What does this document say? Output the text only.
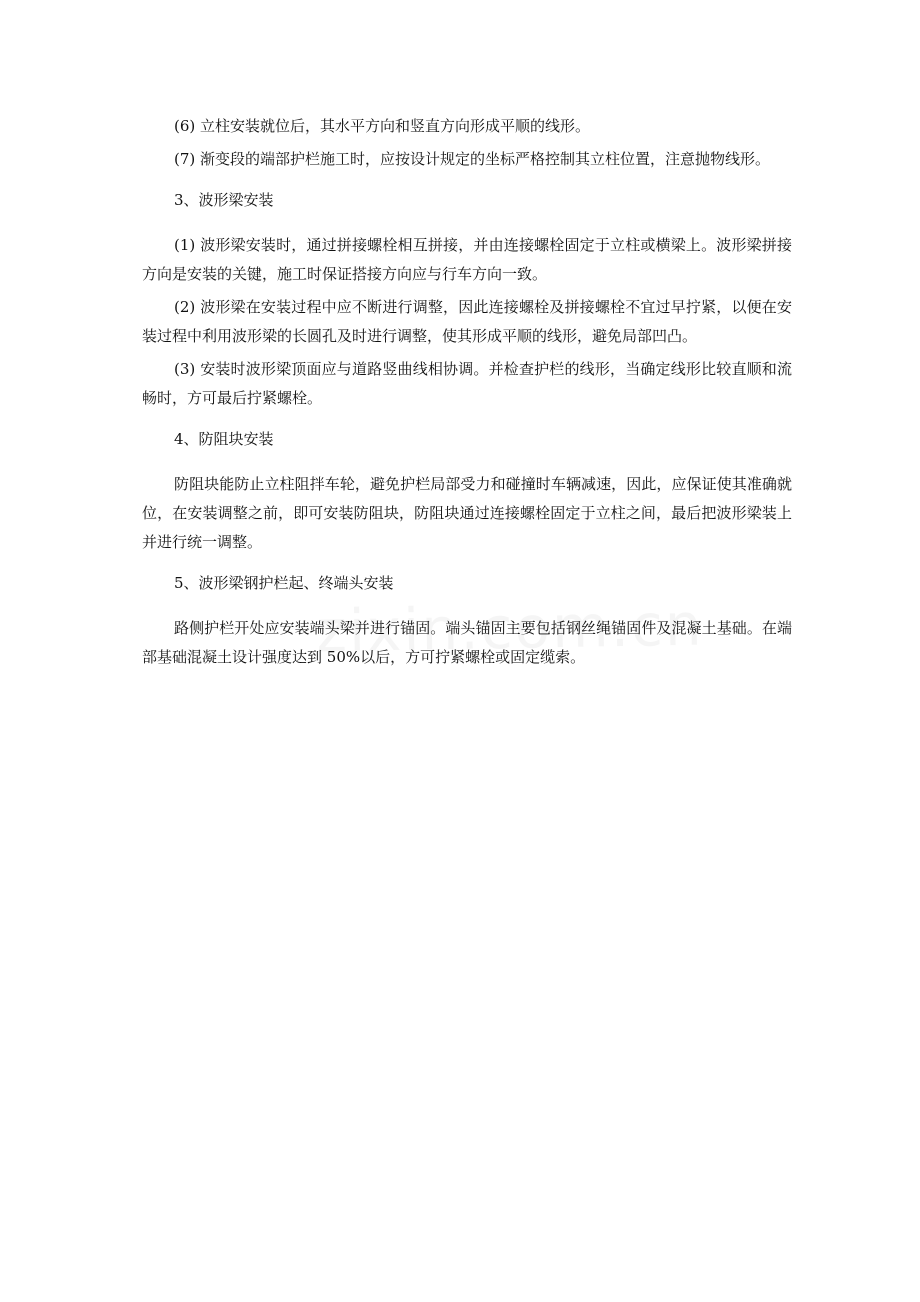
(6) 立柱安装就位后，其水平方向和竖直方向形成平顺的线形。

(7) 渐变段的端部护栏施工时，应按设计规定的坐标严格控制其立柱位置，注意抛物线形。

3、波形梁安装

(1) 波形梁安装时，通过拼接螺栓相互拼接，并由连接螺栓固定于立柱或横梁上。波形梁拼接方向是安装的关键，施工时保证搭接方向应与行车方向一致。

(2) 波形梁在安装过程中应不断进行调整，因此连接螺栓及拼接螺栓不宜过早拧紧，以便在安装过程中利用波形梁的长圆孔及时进行调整，使其形成平顺的线形，避免局部凹凸。

(3) 安装时波形梁顶面应与道路竖曲线相协调。并检查护栏的线形，当确定线形比较直顺和流畅时，方可最后拧紧螺栓。

4、防阻块安装

防阻块能防止立柱阻拌车轮，避免护栏局部受力和碰撞时车辆减速，因此，应保证使其准确就位，在安装调整之前，即可安装防阻块，防阻块通过连接螺栓固定于立柱之间，最后把波形梁装上并进行统一调整。

5、波形梁钢护栏起、终端头安装

路侧护栏开处应安装端头梁并进行锚固。端头锚固主要包括钢丝绳锚固件及混凝土基础。在端部基础混凝土设计强度达到 50%以后，方可拧紧螺栓或固定缆索。
